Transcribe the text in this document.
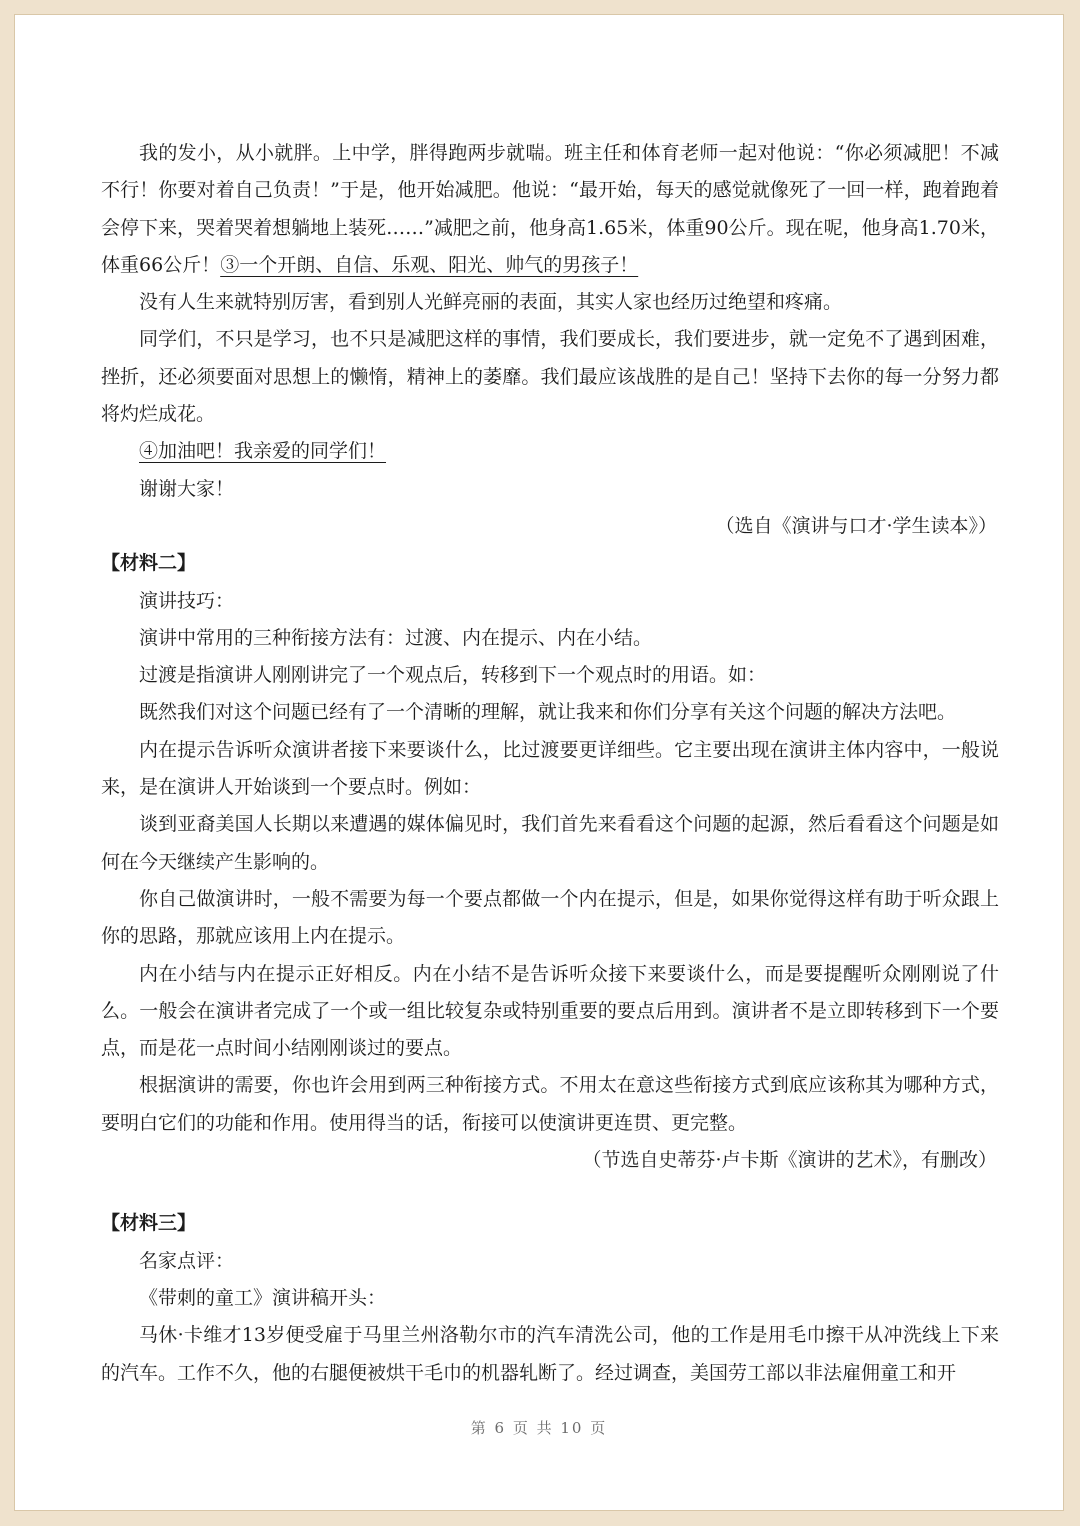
我的发小，从小就胖。上中学，胖得跑两步就喘。班主任和体育老师一起对他说：“你必须减肥！不减不行！你要对着自己负责！”于是，他开始减肥。他说：“最开始，每天的感觉就像死了一回一样，跑着跑着会停下来，哭着哭着想躺地上装死……”减肥之前，他身高1.65米，体重90公斤。现在呢，他身高1.70米，体重66公斤！③一个开朗、自信、乐观、阳光、帅气的男孩子！

没有人生来就特别厉害，看到别人光鲜亮丽的表面，其实人家也经历过绝望和疼痛。

同学们，不只是学习，也不只是减肥这样的事情，我们要成长，我们要进步，就一定免不了遇到困难，挫折，还必须要面对思想上的懒惰，精神上的萎靡。我们最应该战胜的是自己！坚持下去你的每一分努力都将灼烂成花。

④加油吧！我亲爱的同学们！

谢谢大家！

（选自《演讲与口才·学生读本》）

【材料二】

演讲技巧：

演讲中常用的三种衔接方法有：过渡、内在提示、内在小结。

过渡是指演讲人刚刚讲完了一个观点后，转移到下一个观点时的用语。如：

既然我们对这个问题已经有了一个清晰的理解，就让我来和你们分享有关这个问题的解决方法吧。

内在提示告诉听众演讲者接下来要谈什么，比过渡要更详细些。它主要出现在演讲主体内容中，一般说来，是在演讲人开始谈到一个要点时。例如：

谈到亚裔美国人长期以来遭遇的媒体偏见时，我们首先来看看这个问题的起源，然后看看这个问题是如何在今天继续产生影响的。

你自己做演讲时，一般不需要为每一个要点都做一个内在提示，但是，如果你觉得这样有助于听众跟上你的思路，那就应该用上内在提示。

内在小结与内在提示正好相反。内在小结不是告诉听众接下来要谈什么，而是要提醒听众刚刚说了什么。一般会在演讲者完成了一个或一组比较复杂或特别重要的要点后用到。演讲者不是立即转移到下一个要点，而是花一点时间小结刚刚谈过的要点。

根据演讲的需要，你也许会用到两三种衔接方式。不用太在意这些衔接方式到底应该称其为哪种方式，要明白它们的功能和作用。使用得当的话，衔接可以使演讲更连贯、更完整。

（节选自史蒂芬·卢卡斯《演讲的艺术》，有删改）

【材料三】

名家点评：

《带刺的童工》演讲稿开头：

马休·卡维才13岁便受雇于马里兰州洛勒尔市的汽车清洗公司，他的工作是用毛巾擦干从冲洗线上下来的汽车。工作不久，他的右腿便被烘干毛巾的机器轧断了。经过调查，美国劳工部以非法雇佣童工和开

第 6 页 共 10 页
